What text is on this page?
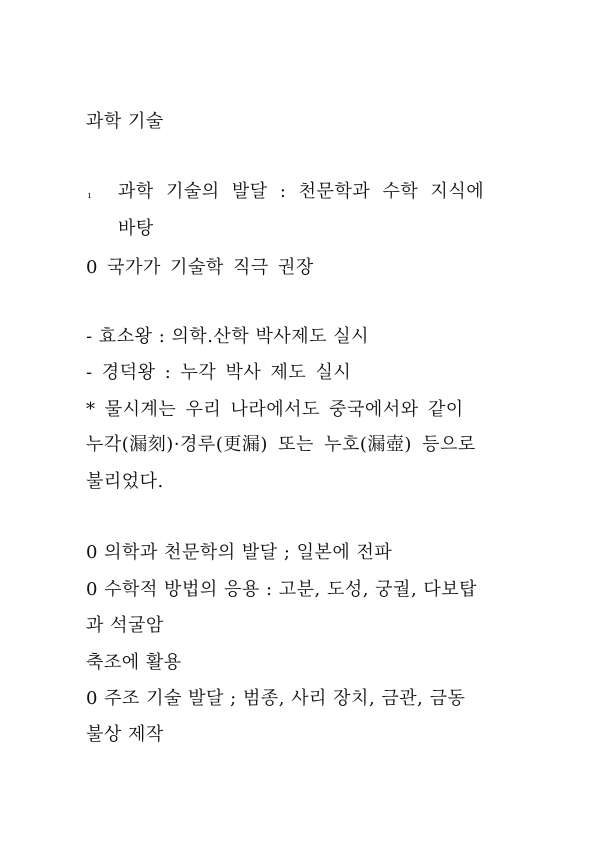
과학 기술
ı 과학 기술의 발달 : 천문학과 수학 지식에
바탕
0 국가가 기술학 직극 권장
- 효소왕 : 의학.산학 박사제도 실시
- 경덕왕 : 누각 박사 제도 실시
* 물시계는 우리 나라에서도 중국에서와 같이
누각(漏刻)·경루(更漏) 또는 누호(漏壺) 등으로
불리었다.
0 의학과 천문학의 발달 ; 일본에 전파
0 수학적 방법의 응용 : 고분, 도성, 궁궐, 다보탑
과 석굴암
축조에 활용
0 주조 기술 발달 ; 범종, 사리 장치, 금관, 금동
불상 제작
